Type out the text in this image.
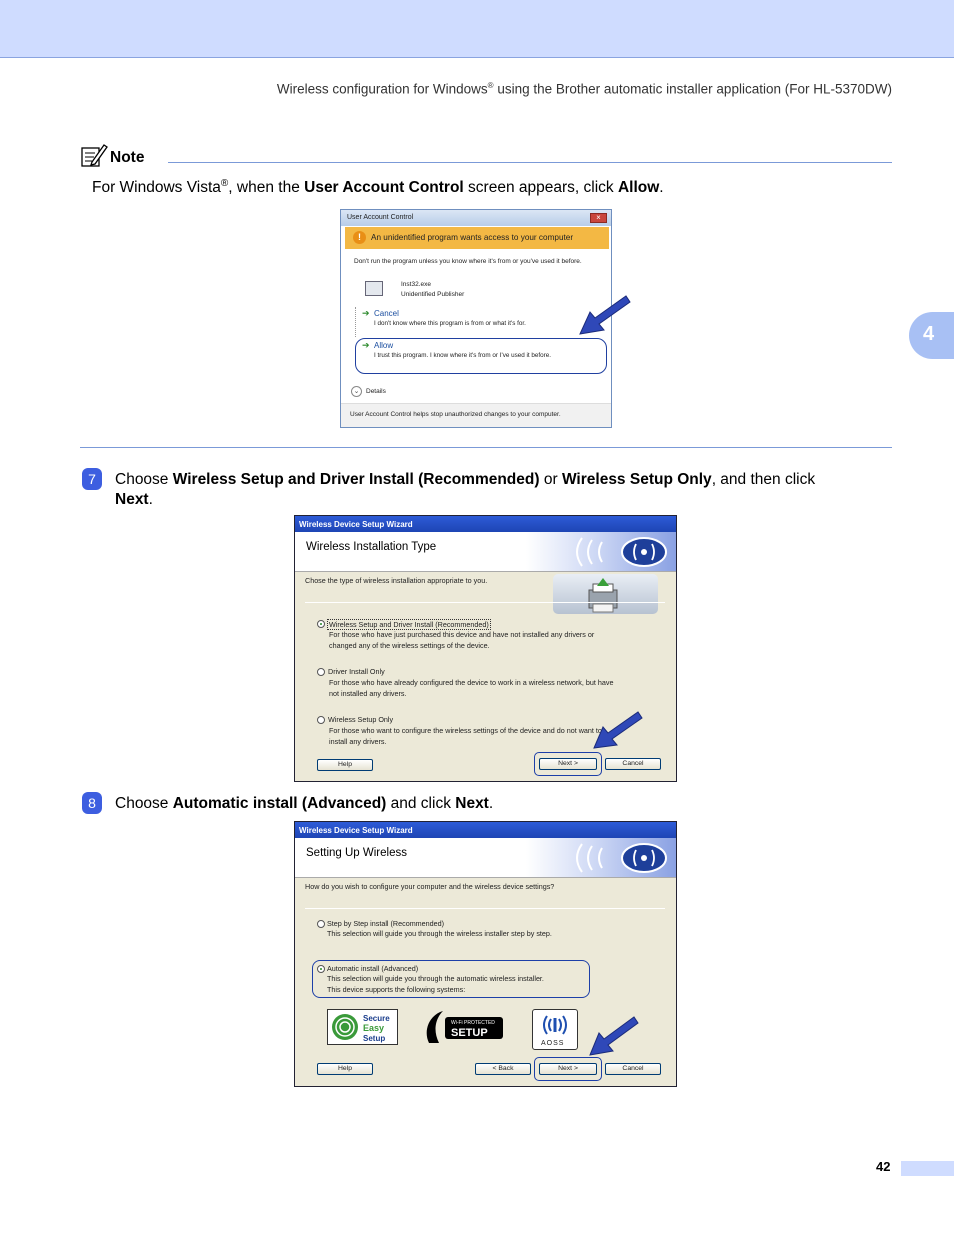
Wireless configuration for Windows® using the Brother automatic installer application (For HL-5370DW)
4
Note
For Windows Vista®, when the User Account Control screen appears, click Allow.
User Account Control	×
!	An unidentified program wants access to your computer
Don't run the program unless you know where it's from or you've used it before.
Inst32.exe
Unidentified Publisher
➔ Cancel
I don't know where this program is from or what it's for.
➔ Allow
I trust this program. I know where it's from or I've used it before.
⌄	Details
User Account Control helps stop unauthorized changes to your computer.
7	Choose Wireless Setup and Driver Install (Recommended) or Wireless Setup Only, and then click
Next.
Wireless Device Setup Wizard
Wireless Installation Type
Chose the type of wireless installation appropriate to you.
Wireless Setup and Driver Install (Recommended)
For those who have just purchased this device and have not installed any drivers or
changed any of the wireless settings of the device.
Driver Install Only
For those who have already configured the device to work in a wireless network, but have
not installed any drivers.
Wireless Setup Only
For those who want to configure the wireless settings of the device and do not want to
install any drivers.
Help	Next >	Cancel
8	Choose Automatic install (Advanced) and click Next.
Wireless Device Setup Wizard
Setting Up Wireless
How do you wish to configure your computer and the wireless device settings?
Step by Step install (Recommended)
This selection will guide you through the wireless installer step by step.
Automatic install (Advanced)
This selection will guide you through the automatic wireless installer.
This device supports the following systems:
Secure
Easy
Setup
Wi-Fi PROTECTED
SETUP
AOSS
Help	< Back	Next >	Cancel
42
